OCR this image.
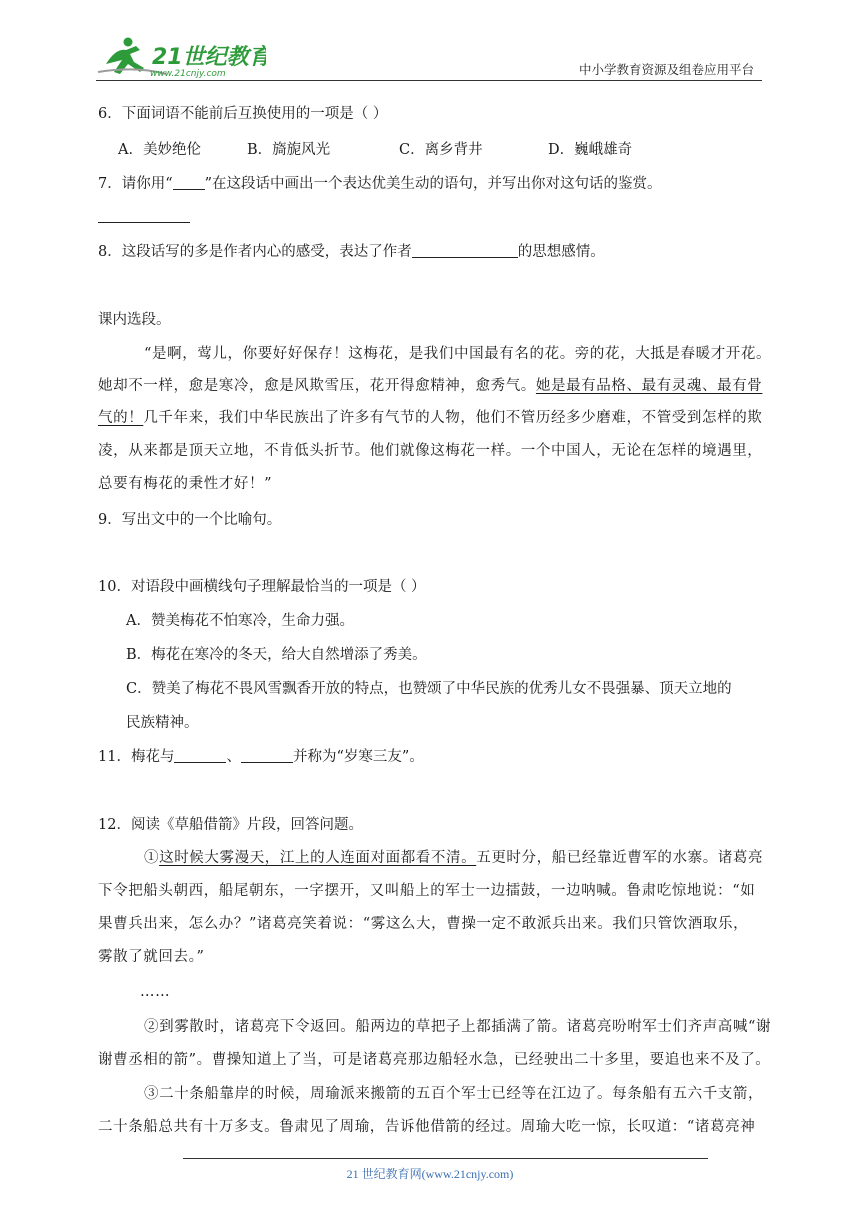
21世纪教育
www.21cnjy.com	中小学教育资源及组卷应用平台
6．下面词语不能前后互换使用的一项是（ ）
A．美妙绝伦	B．旖旎风光	C．离乡背井	D．巍峨雄奇
7．请你用“ ”在这段话中画出一个表达优美生动的语句，并写出你对这句话的鉴赏。
8．这段话写的多是作者内心的感受，表达了作者	的思想感情。
课内选段。
“是啊，莺儿，你要好好保存！这梅花，是我们中国最有名的花。旁的花，大抵是春暖才开花。
她却不一样，愈是寒冷，愈是风欺雪压，花开得愈精神，愈秀气。她是最有品格、最有灵魂、最有骨
气的！几千年来，我们中华民族出了许多有气节的人物，他们不管历经多少磨难，不管受到怎样的欺
凌，从来都是顶天立地，不肯低头折节。他们就像这梅花一样。一个中国人，无论在怎样的境遇里，
总要有梅花的秉性才好！”
9．写出文中的一个比喻句。
10．对语段中画横线句子理解最恰当的一项是（ ）
A．赞美梅花不怕寒冷，生命力强。
B．梅花在寒冷的冬天，给大自然增添了秀美。
C．赞美了梅花不畏风雪飘香开放的特点，也赞颂了中华民族的优秀儿女不畏强暴、顶天立地的
民族精神。
11．梅花与	、	并称为“岁寒三友”。
12．阅读《草船借箭》片段，回答问题。
①这时候大雾漫天，江上的人连面对面都看不清。五更时分，船已经靠近曹军的水寨。诸葛亮
下令把船头朝西，船尾朝东，一字摆开，又叫船上的军士一边擂鼓，一边呐喊。鲁肃吃惊地说：“如
果曹兵出来，怎么办？”诸葛亮笑着说：“雾这么大，曹操一定不敢派兵出来。我们只管饮酒取乐，
雾散了就回去。”
……
②到雾散时，诸葛亮下令返回。船两边的草把子上都插满了箭。诸葛亮吩咐军士们齐声高喊“谢
谢曹丞相的箭”。曹操知道上了当，可是诸葛亮那边船轻水急，已经驶出二十多里，要追也来不及了。
③二十条船靠岸的时候，周瑜派来搬箭的五百个军士已经等在江边了。每条船有五六千支箭，
二十条船总共有十万多支。鲁肃见了周瑜，告诉他借箭的经过。周瑜大吃一惊，长叹道：“诸葛亮神
21 世纪教育网(www.21cnjy.com)
